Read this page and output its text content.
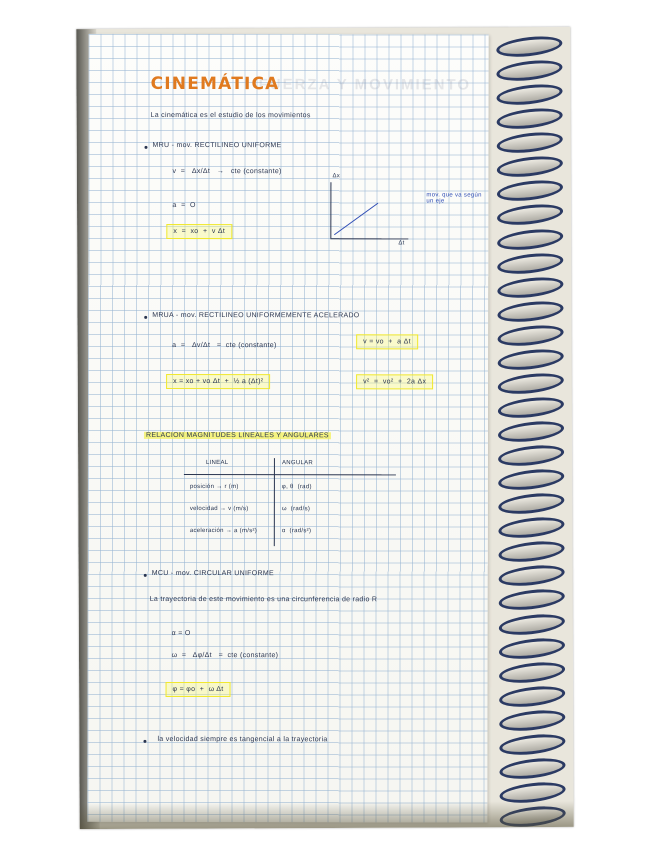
FUERZA Y MOVIMIENTO
CINEMÁTICA
La cinemática es el estudio de los movimientos
MRU - mov. RECTILINEO UNIFORME
v  =   Δx/Δt   →   cte (constante)
a  =  O
x  =  xo  +  v Δt
Δx
Δt
mov. que va según
un eje
MRUA - mov. RECTILINEO UNIFORMEMENTE ACELERADO
a  =   Δv/Δt   =  cte (constante)
x = xo + vo Δt  +  ½ a (Δt)²
v = vo  +  a Δt
v²  =  vo²  +  2a Δx
RELACION MAGNITUDES LINEALES Y ANGULARES
LINEAL	ANGULAR
posición → r (m)	φ, θ  (rad)
velocidad → v (m/s)	ω  (rad/s)
aceleración → a (m/s²)	α  (rad/s²)
MCU - mov. CIRCULAR UNIFORME
La trayectoria de este movimiento es una circunferencia de radio R
α = O
ω  =   Δφ/Δt   =  cte (constante)
φ = φo  +  ω Δt
la velocidad siempre es tangencial a la trayectoria
